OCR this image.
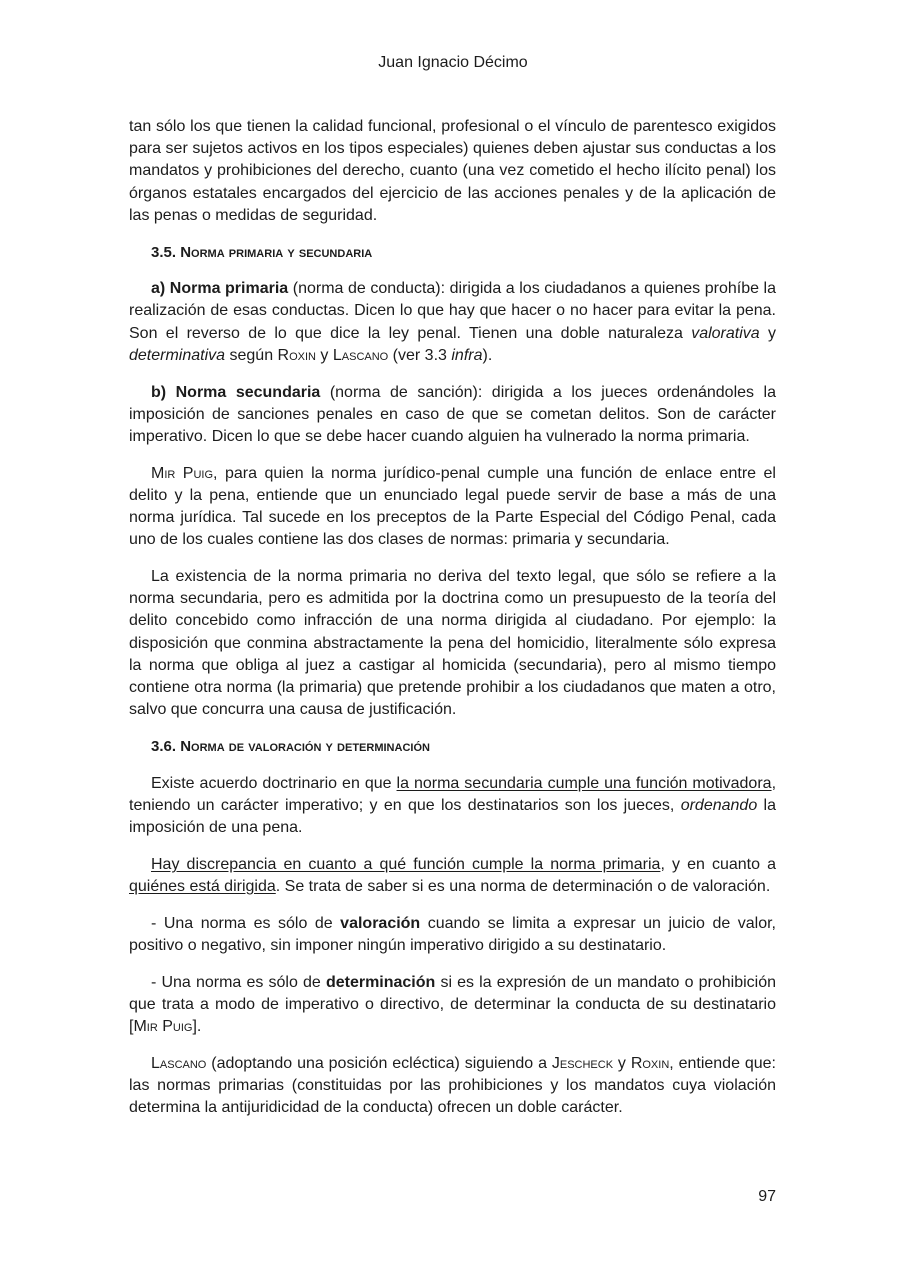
Juan Ignacio Décimo

tan sólo los que tienen la calidad funcional, profesional o el vínculo de parentesco exigidos para ser sujetos activos en los tipos especiales) quienes deben ajustar sus conductas a los mandatos y prohibiciones del derecho, cuanto (una vez cometido el hecho ilícito penal) los órganos estatales encargados del ejercicio de las acciones penales y de la aplicación de las penas o medidas de seguridad.

3.5. Norma primaria y secundaria

a) Norma primaria (norma de conducta): dirigida a los ciudadanos a quienes prohíbe la realización de esas conductas. Dicen lo que hay que hacer o no hacer para evitar la pena. Son el reverso de lo que dice la ley penal. Tienen una doble naturaleza valorativa y determinativa según Roxin y Lascano (ver 3.3 infra).

b) Norma secundaria (norma de sanción): dirigida a los jueces ordenándoles la imposición de sanciones penales en caso de que se cometan delitos. Son de carácter imperativo. Dicen lo que se debe hacer cuando alguien ha vulnerado la norma primaria.

Mir Puig, para quien la norma jurídico-penal cumple una función de enlace entre el delito y la pena, entiende que un enunciado legal puede servir de base a más de una norma jurídica. Tal sucede en los preceptos de la Parte Especial del Código Penal, cada uno de los cuales contiene las dos clases de normas: primaria y secundaria.

La existencia de la norma primaria no deriva del texto legal, que sólo se refiere a la norma secundaria, pero es admitida por la doctrina como un presupuesto de la teoría del delito concebido como infracción de una norma dirigida al ciudadano. Por ejemplo: la disposición que conmina abstractamente la pena del homicidio, literalmente sólo expresa la norma que obliga al juez a castigar al homicida (secundaria), pero al mismo tiempo contiene otra norma (la primaria) que pretende prohibir a los ciudadanos que maten a otro, salvo que concurra una causa de justificación.

3.6. Norma de valoración y determinación

Existe acuerdo doctrinario en que la norma secundaria cumple una función motivadora, teniendo un carácter imperativo; y en que los destinatarios son los jueces, ordenando la imposición de una pena.

Hay discrepancia en cuanto a qué función cumple la norma primaria, y en cuanto a quiénes está dirigida. Se trata de saber si es una norma de determinación o de valoración.

- Una norma es sólo de valoración cuando se limita a expresar un juicio de valor, positivo o negativo, sin imponer ningún imperativo dirigido a su destinatario.

- Una norma es sólo de determinación si es la expresión de un mandato o prohibición que trata a modo de imperativo o directivo, de determinar la conducta de su destinatario [Mir Puig].

Lascano (adoptando una posición ecléctica) siguiendo a Jescheck y Roxin, entiende que: las normas primarias (constituidas por las prohibiciones y los mandatos cuya violación determina la antijuridicidad de la conducta) ofrecen un doble carácter.

97
